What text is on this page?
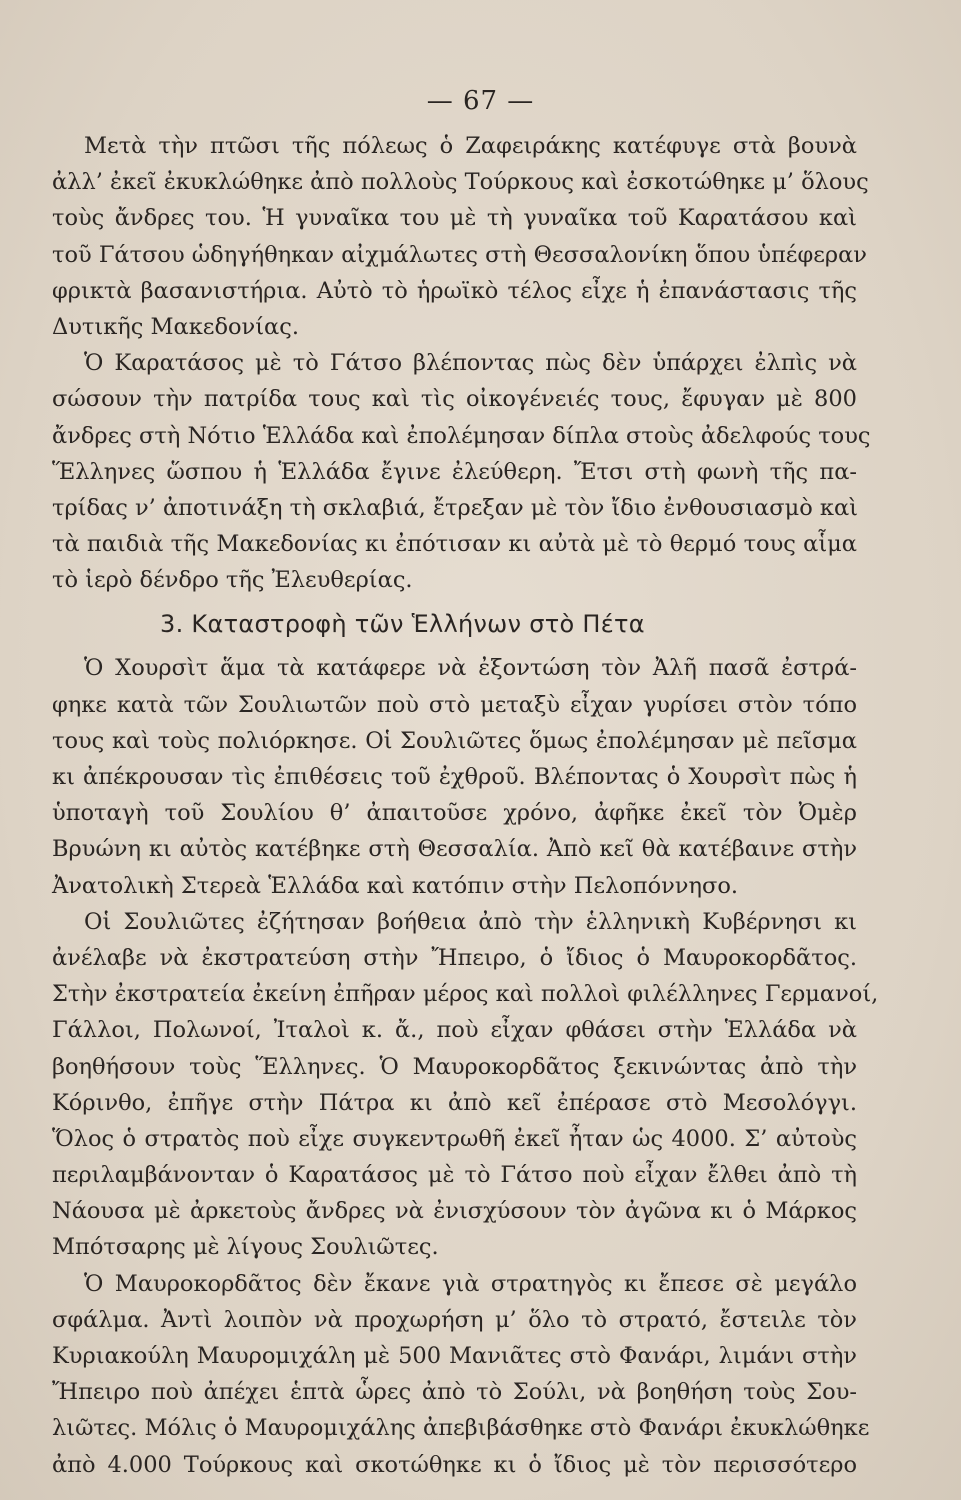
— 67 —
Μετὰ τὴν πτῶσι τῆς πόλεως ὁ Ζαφειράκης κατέφυγε στὰ βουνὰ
ἀλλ’ ἐκεῖ ἐκυκλώθηκε ἀπὸ πολλοὺς Τούρκους καὶ ἐσκοτώθηκε μ’ ὅλους
τοὺς ἄνδρες του. Ἡ γυναῖκα του μὲ τὴ γυναῖκα τοῦ Καρατάσου καὶ
τοῦ Γάτσου ὡδηγήθηκαν αἰχμάλωτες στὴ Θεσσαλονίκη ὅπου ὑπέφεραν
φρικτὰ βασανιστήρια. Αὐτὸ τὸ ἡρωϊκὸ τέλος εἶχε ἡ ἐπανάστασις τῆς
Δυτικῆς Μακεδονίας.
Ὁ Καρατάσος μὲ τὸ Γάτσο βλέποντας πὼς δὲν ὑπάρχει ἐλπὶς νὰ
σώσουν τὴν πατρίδα τους καὶ τὶς οἰκογένειές τους, ἔφυγαν μὲ 800
ἄνδρες στὴ Νότιο Ἑλλάδα καὶ ἐπολέμησαν δίπλα στοὺς ἀδελφούς τους
Ἕλληνες ὥσπου ἡ Ἑλλάδα ἔγινε ἐλεύθερη. Ἔτσι στὴ φωνὴ τῆς πα-
τρίδας ν’ ἀποτινάξη τὴ σκλαβιά, ἔτρεξαν μὲ τὸν ἴδιο ἐνθουσιασμὸ καὶ
τὰ παιδιὰ τῆς Μακεδονίας κι ἐπότισαν κι αὐτὰ μὲ τὸ θερμό τους αἷμα
τὸ ἱερὸ δένδρο τῆς Ἐλευθερίας.
3. Καταστροφὴ τῶν Ἑλλήνων στὸ Πέτα
Ὁ Χουρσὶτ ἅμα τὰ κατάφερε νὰ ἐξοντώση τὸν Ἀλῆ πασᾶ ἐστρά-
φηκε κατὰ τῶν Σουλιωτῶν ποὺ στὸ μεταξὺ εἶχαν γυρίσει στὸν τόπο
τους καὶ τοὺς πολιόρκησε. Οἱ Σουλιῶτες ὅμως ἐπολέμησαν μὲ πεῖσμα
κι ἀπέκρουσαν τὶς ἐπιθέσεις τοῦ ἐχθροῦ. Βλέποντας ὁ Χουρσὶτ πὼς ἡ
ὑποταγὴ τοῦ Σουλίου θ’ ἀπαιτοῦσε χρόνο, ἀφῆκε ἐκεῖ τὸν Ὀμὲρ
Βρυώνη κι αὐτὸς κατέβηκε στὴ Θεσσαλία. Ἀπὸ κεῖ θὰ κατέβαινε στὴν
Ἀνατολικὴ Στερεὰ Ἑλλάδα καὶ κατόπιν στὴν Πελοπόννησο.
Οἱ Σουλιῶτες ἐζήτησαν βοήθεια ἀπὸ τὴν ἑλληνικὴ Κυβέρνησι κι
ἀνέλαβε νὰ ἐκστρατεύση στὴν Ἤπειρο, ὁ ἴδιος ὁ Μαυροκορδᾶτος.
Στὴν ἐκστρατεία ἐκείνη ἐπῆραν μέρος καὶ πολλοὶ φιλέλληνες Γερμανοί,
Γάλλοι, Πολωνοί, Ἰταλοὶ κ. ἄ., ποὺ εἶχαν φθάσει στὴν Ἑλλάδα νὰ
βοηθήσουν τοὺς Ἕλληνες. Ὁ Μαυροκορδᾶτος ξεκινώντας ἀπὸ τὴν
Κόρινθο, ἐπῆγε στὴν Πάτρα κι ἀπὸ κεῖ ἐπέρασε στὸ Μεσολόγγι.
Ὅλος ὁ στρατὸς ποὺ εἶχε συγκεντρωθῆ ἐκεῖ ἦταν ὡς 4000. Σ’ αὐτοὺς
περιλαμβάνονταν ὁ Καρατάσος μὲ τὸ Γάτσο ποὺ εἶχαν ἔλθει ἀπὸ τὴ
Νάουσα μὲ ἀρκετοὺς ἄνδρες νὰ ἐνισχύσουν τὸν ἀγῶνα κι ὁ Μάρκος
Μπότσαρης μὲ λίγους Σουλιῶτες.
Ὁ Μαυροκορδᾶτος δὲν ἔκανε γιὰ στρατηγὸς κι ἔπεσε σὲ μεγάλο
σφάλμα. Ἀντὶ λοιπὸν νὰ προχωρήση μ’ ὅλο τὸ στρατό, ἔστειλε τὸν
Κυριακούλη Μαυρομιχάλη μὲ 500 Μανιᾶτες στὸ Φανάρι, λιμάνι στὴν
Ἤπειρο ποὺ ἀπέχει ἑπτὰ ὧρες ἀπὸ τὸ Σούλι, νὰ βοηθήση τοὺς Σου-
λιῶτες. Μόλις ὁ Μαυρομιχάλης ἀπεβιβάσθηκε στὸ Φανάρι ἐκυκλώθηκε
ἀπὸ 4.000 Τούρκους καὶ σκοτώθηκε κι ὁ ἴδιος μὲ τὸν περισσότερο
